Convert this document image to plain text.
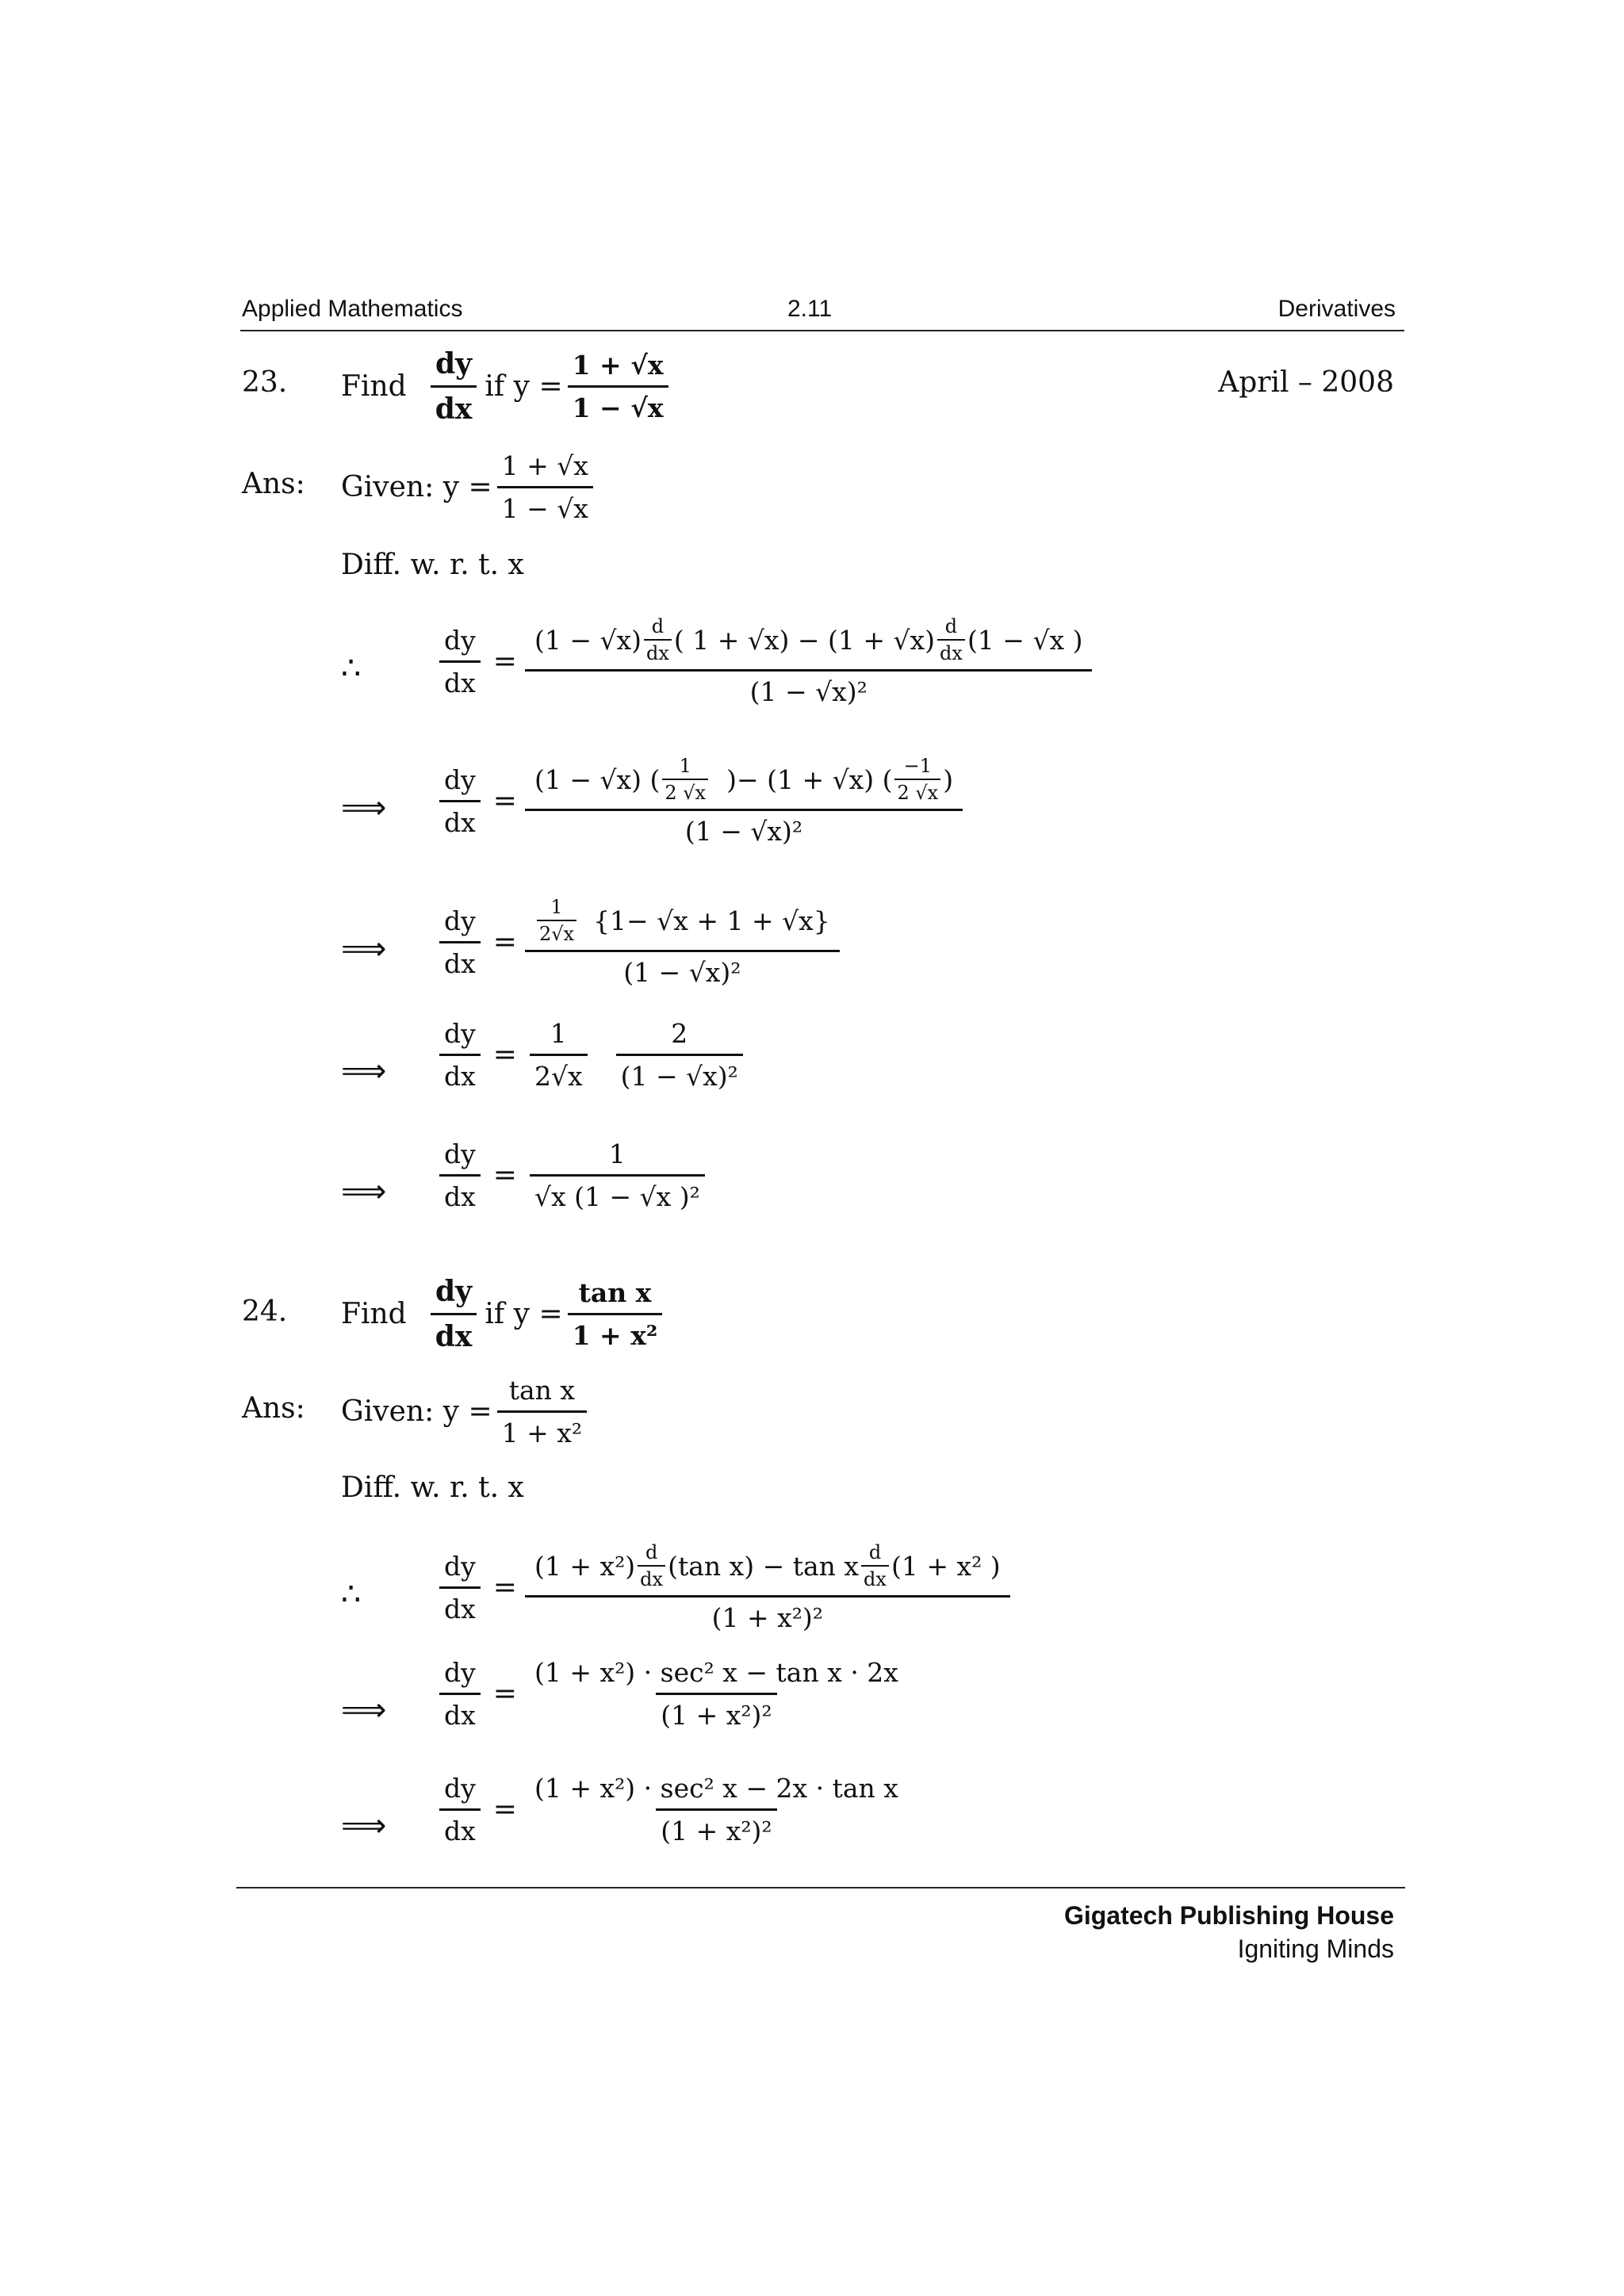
Applied Mathematics	2.11	Derivatives
23. Find $\frac{dy}{dx}$ if $y = \frac{1 + √x}{1 - √x}$	April – 2008
Ans: Given: $y = \frac{1 + √x}{1 - √x}$
Diff. w. r. t. x
∴	$\frac{dy}{dx}$ =
$(1 - √x) \frac{d}{dx}$ ( $1 + √x) - (1 + √x) \frac{d}{dx} (1 - √x$ )
(1 − √x)²
⟹ $\frac{dy}{dx}$ =
(1 − √x) ( $\frac{1}{2 √x}$ )− (1 + √x) ( $\frac{-1}{2 √x}$ )
(1 − √x)²
⟹ $\frac{dy}{dx} = \frac{\frac{1}{2√x} \{1- √x + 1 + √x\}}{\text{(1 − √x)²}}$
⟹ $\frac{dy}{dx} = \frac{1}{2√x} \frac{2}{\text{(1 − √x)²}}$
⟹ $\frac{dy}{dx} = \frac{1}{\text{√x (1 − √x )²}}$
24. Find $\frac{dy}{dx}$ if $y = \frac{\text{tan x}}{\text{1 + x²}}$
Ans: Given: $y = \frac{\text{tan x}}{\text{1 + x²}}$
Diff. w. r. t. x
∴	$\frac{dy}{dx}$ =
$(1 + x^2) \frac{d}{dx} (\tan$ x) − tan x $\frac{d}{dx} (1 + x^2$ )
(1 + x²)²
⟹ $\frac{dy}{dx} = \frac{\text{(1 + x²) · sec² x − tan x · 2x}}{\text{(1 + x²)²}}$
⟹ $\frac{dy}{dx} = \frac{\text{(1 + x²) · sec² x − 2x · tan x}}{\text{(1 + x²)²}}$
Gigatech Publishing House
Igniting Minds
